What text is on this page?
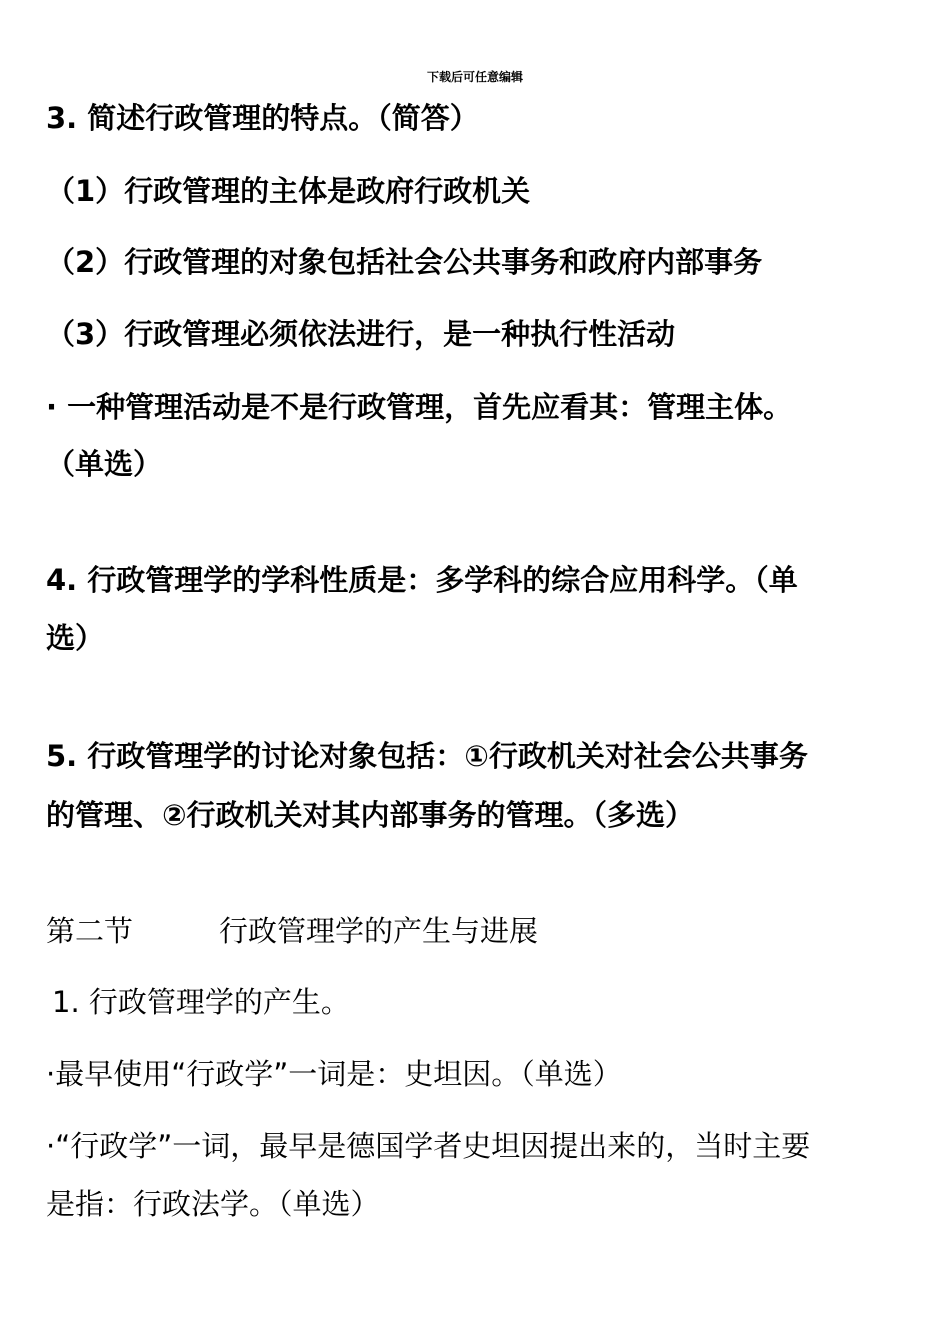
下载后可任意编辑
3. 简述行政管理的特点。（简答）
（1）行政管理的主体是政府行政机关
（2）行政管理的对象包括社会公共事务和政府内部事务
（3）行政管理必须依法进行，是一种执行性活动
· 一种管理活动是不是行政管理，首先应看其：管理主体。
（单选）
4. 行政管理学的学科性质是：多学科的综合应用科学。（单
选）
5. 行政管理学的讨论对象包括：①行政机关对社会公共事务
的管理、②行政机关对其内部事务的管理。（多选）
第二节	行政管理学的产生与进展
1. 行政管理学的产生。
·最早使用“行政学”一词是：史坦因。（单选）
·“行政学”一词，最早是德国学者史坦因提出来的，当时主要
是指：行政法学。（单选）
